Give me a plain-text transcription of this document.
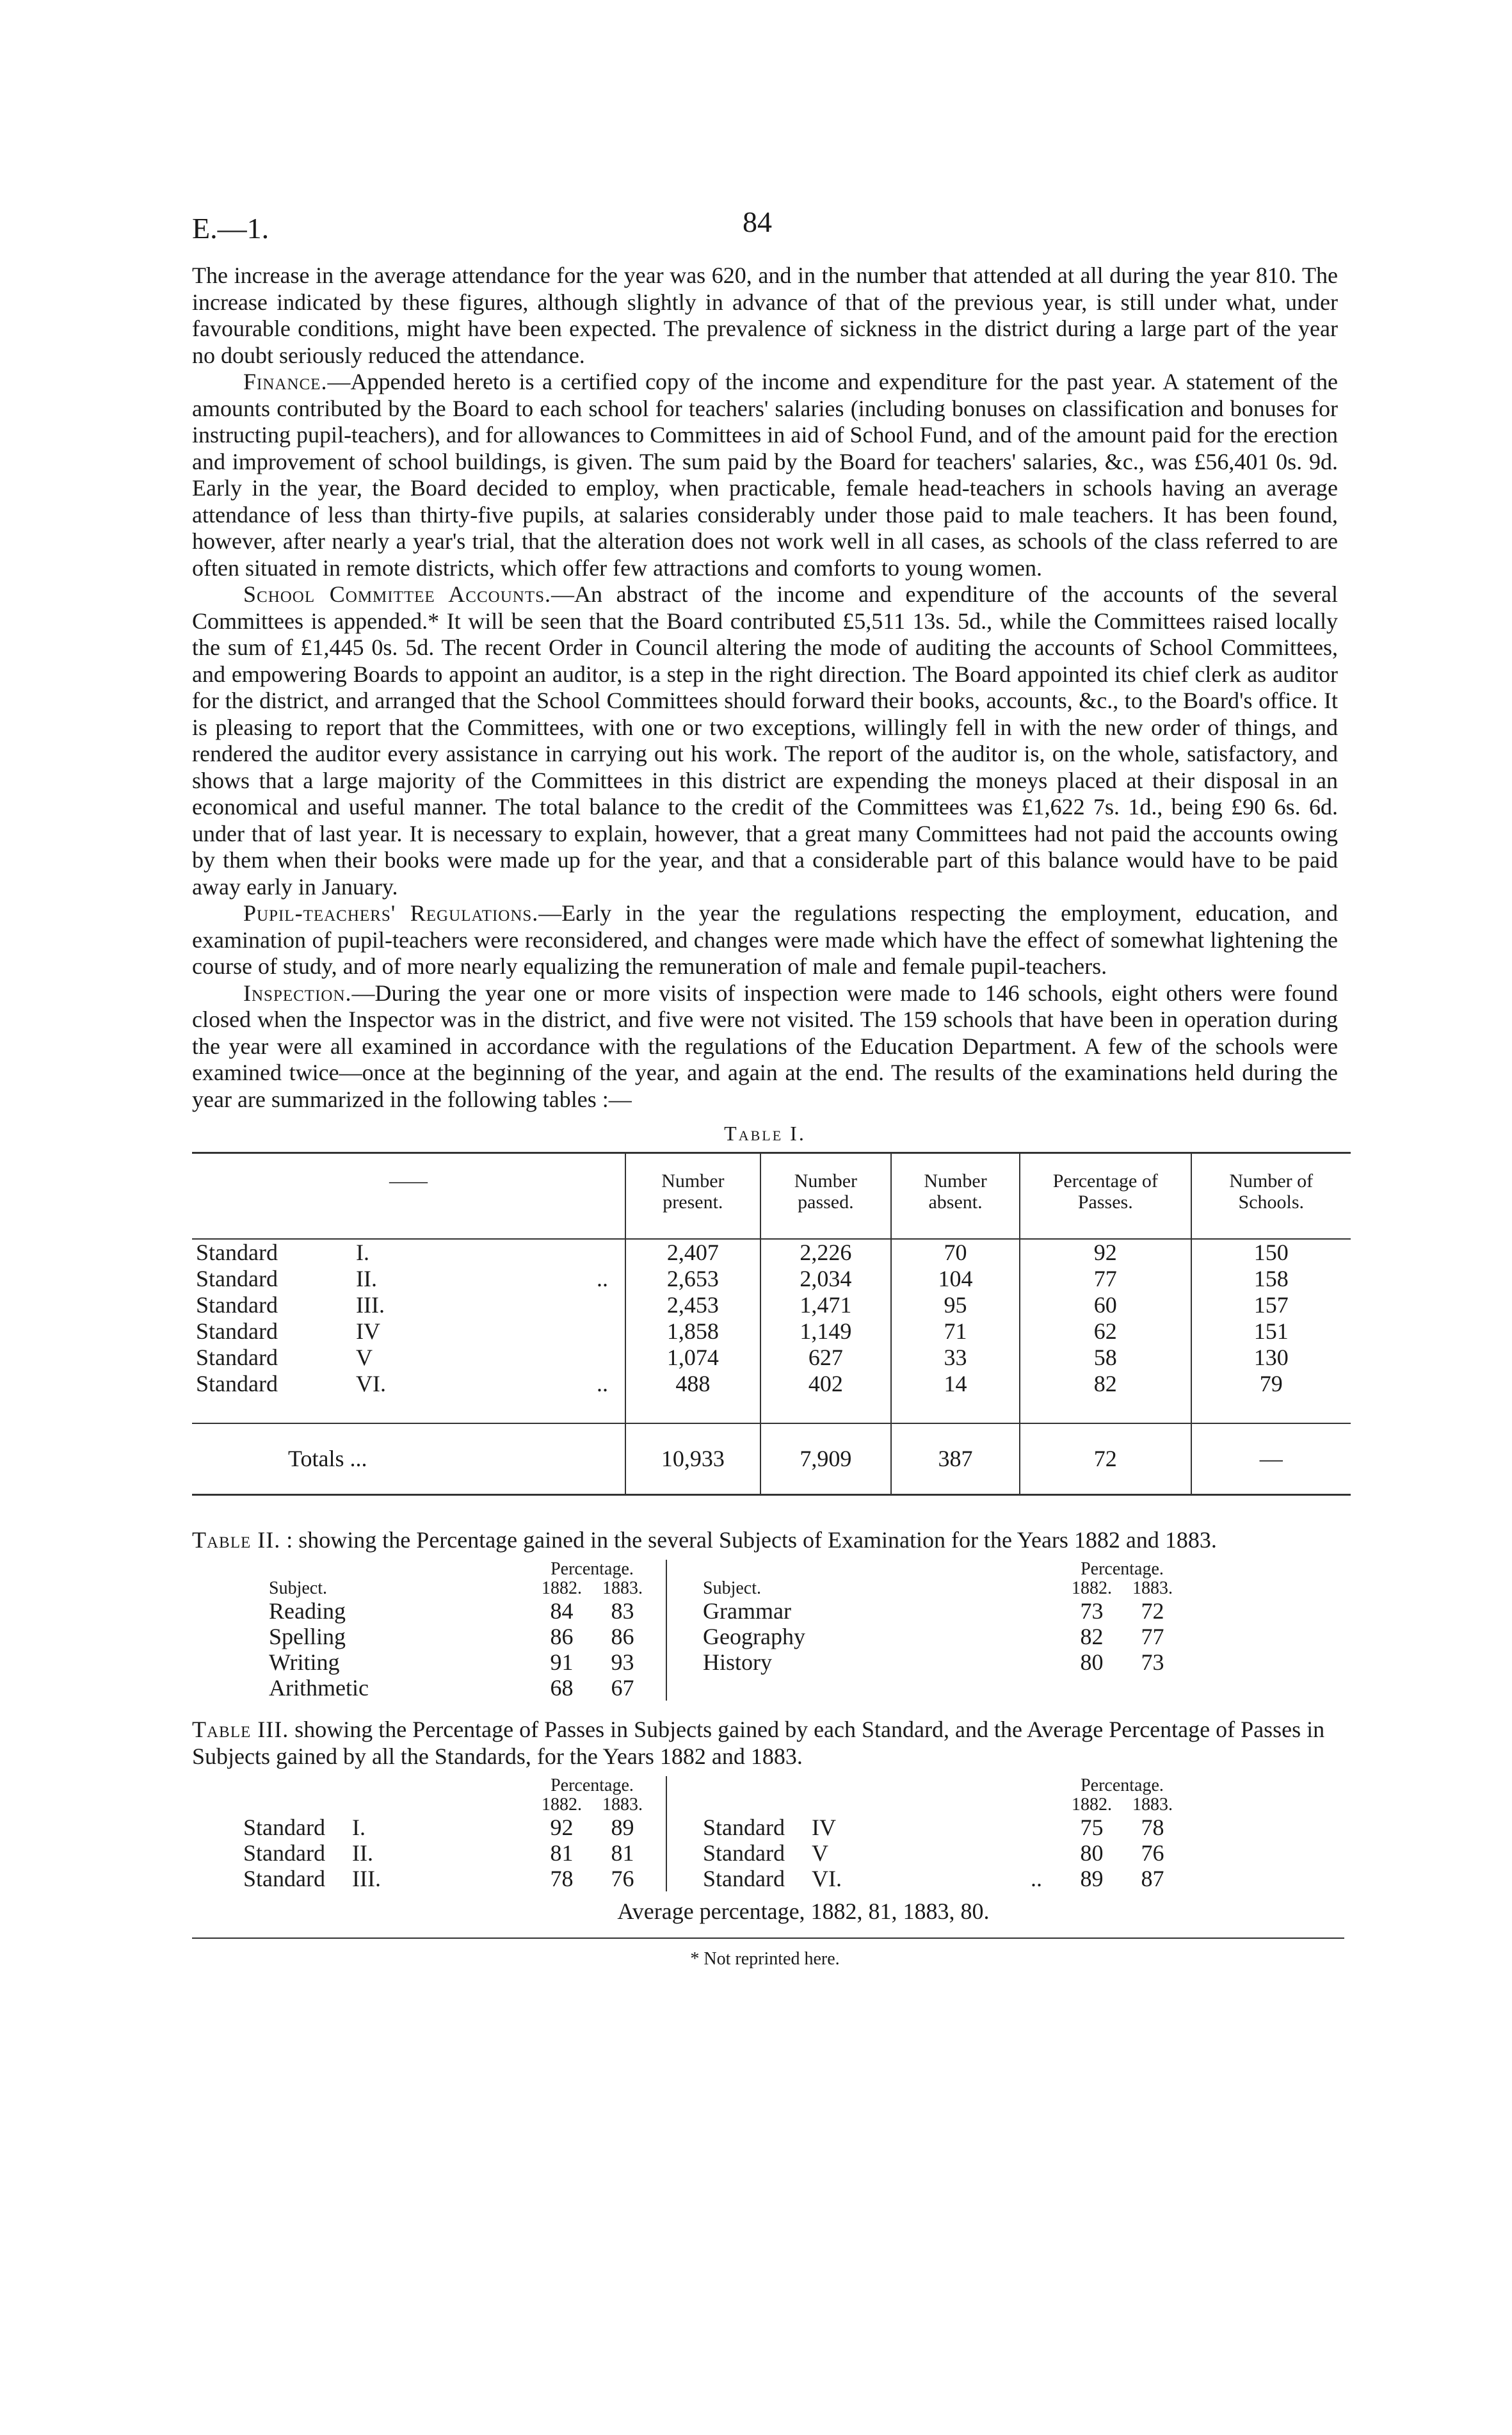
E.—1.	84

The increase in the average attendance for the year was 620, and in the number that attended at all during the year 810. The increase indicated by these figures, although slightly in advance of that of the previous year, is still under what, under favourable conditions, might have been expected. The prevalence of sickness in the district during a large part of the year no doubt seriously reduced the attendance.

Finance.—Appended hereto is a certified copy of the income and expenditure for the past year. A statement of the amounts contributed by the Board to each school for teachers' salaries (including bonuses on classification and bonuses for instructing pupil-teachers), and for allowances to Committees in aid of School Fund, and of the amount paid for the erection and improvement of school buildings, is given. The sum paid by the Board for teachers' salaries, &c., was £56,401 0s. 9d. Early in the year, the Board decided to employ, when practicable, female head-teachers in schools having an average attendance of less than thirty-five pupils, at salaries considerably under those paid to male teachers. It has been found, however, after nearly a year's trial, that the alteration does not work well in all cases, as schools of the class referred to are often situated in remote districts, which offer few attractions and comforts to young women.

School Committee Accounts.—An abstract of the income and expenditure of the accounts of the several Committees is appended.* It will be seen that the Board contributed £5,511 13s. 5d., while the Committees raised locally the sum of £1,445 0s. 5d. The recent Order in Council altering the mode of auditing the accounts of School Committees, and empowering Boards to appoint an auditor, is a step in the right direction. The Board appointed its chief clerk as auditor for the district, and arranged that the School Committees should forward their books, accounts, &c., to the Board's office. It is pleasing to report that the Committees, with one or two exceptions, willingly fell in with the new order of things, and rendered the auditor every assistance in carrying out his work. The report of the auditor is, on the whole, satisfactory, and shows that a large majority of the Committees in this district are expending the moneys placed at their disposal in an economical and useful manner. The total balance to the credit of the Committees was £1,622 7s. 1d., being £90 6s. 6d. under that of last year. It is necessary to explain, however, that a great many Committees had not paid the accounts owing by them when their books were made up for the year, and that a considerable part of this balance would have to be paid away early in January.

Pupil-teachers' Regulations.—Early in the year the regulations respecting the employment, education, and examination of pupil-teachers were reconsidered, and changes were made which have the effect of somewhat lightening the course of study, and of more nearly equalizing the remuneration of male and female pupil-teachers.

Inspection.—During the year one or more visits of inspection were made to 146 schools, eight others were found closed when the Inspector was in the district, and five were not visited. The 159 schools that have been in operation during the year were all examined in accordance with the regulations of the Education Department. A few of the schools were examined twice—once at the beginning of the year, and again at the end. The results of the examinations held during the year are summarized in the following tables :—

Table I.
——	Number present.	Number passed.	Number absent.	Percentage of Passes.	Number of Schools.

Standard I.	2,407	2,226	70	92	150

Standard II. ..	2,653	2,034	104	77	158

Standard III.	2,453	1,471	95	60	157

Standard IV	1,858	1,149	71	62	151

Standard V	1,074	627	33	58	130

Standard VI. ..	488	402	14	82	79
Totals ...	10,933	7,909	387	72	—
Table II. : showing the Percentage gained in the several Subjects of Examination for the Years 1882 and 1883.
Percentage.
Subject.	1882.	1883.
Reading	84	83
Spelling	86	86
Writing	91	93
Arithmetic	68	67
Percentage.
Subject.	1882.	1883.
Grammar	73	72
Geography	82	77
History	80	73
Table III. showing the Percentage of Passes in Subjects gained by each Standard, and the Average Percentage of Passes in Subjects gained by all the Standards, for the Years 1882 and 1883.
Percentage.
1882.	1883.
Standard I.	92	89
Standard II.	81	81
Standard III.	78	76
Percentage.
1882.	1883.
Standard IV	75	78
Standard V	80	76
Standard VI.	..	89	87
Average percentage, 1882, 81, 1883, 80.
* Not reprinted here.
